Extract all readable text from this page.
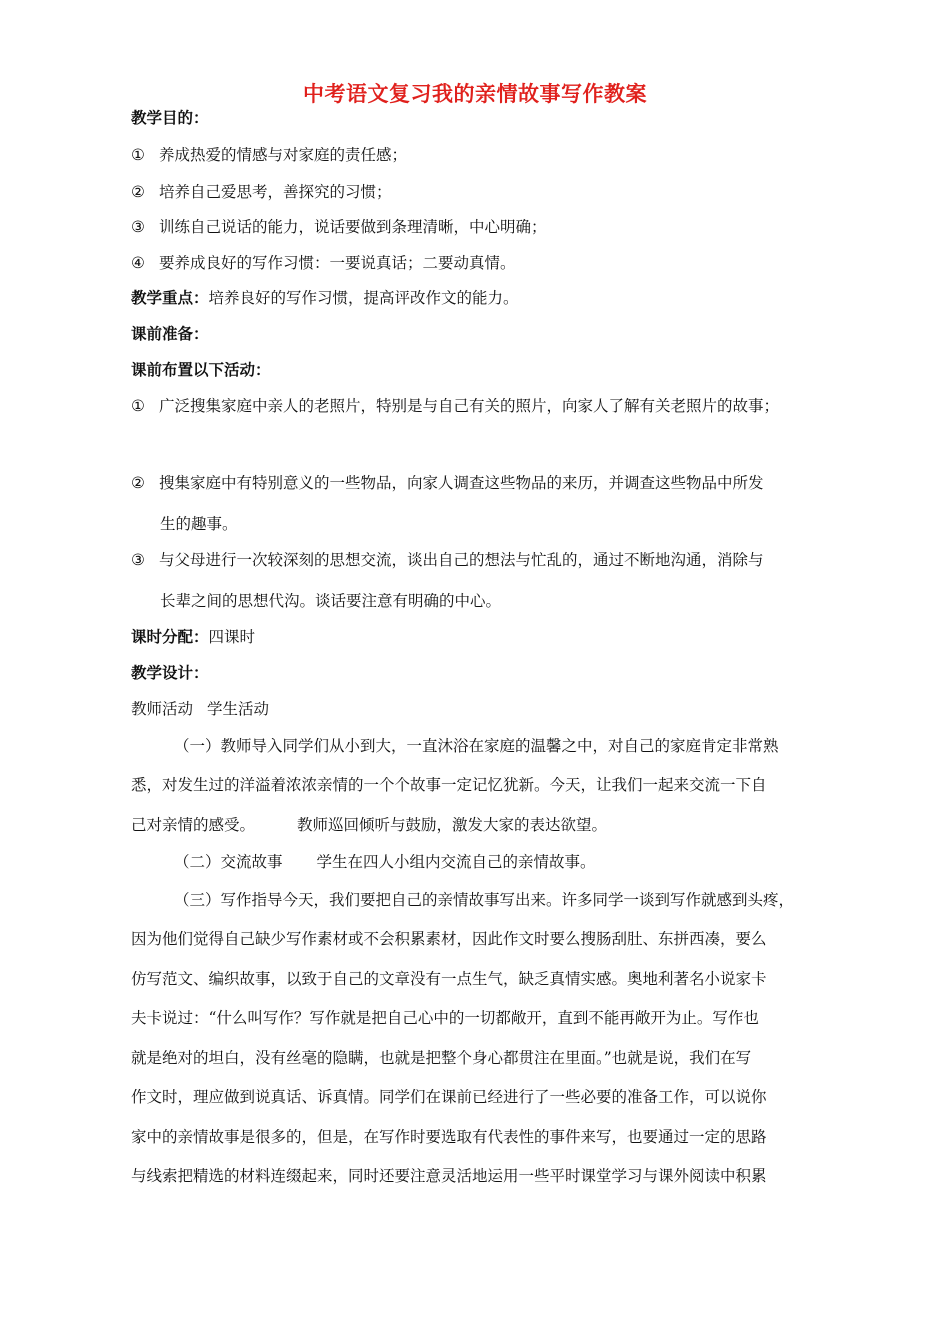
中考语文复习我的亲情故事写作教案
教学目的：
① 养成热爱的情感与对家庭的责任感；
② 培养自己爱思考，善探究的习惯；
③ 训练自己说话的能力，说话要做到条理清晰，中心明确；
④ 要养成良好的写作习惯：一要说真话；二要动真情。
教学重点：培养良好的写作习惯，提高评改作文的能力。
课前准备：
课前布置以下活动：
① 广泛搜集家庭中亲人的老照片，特别是与自己有关的照片，向家人了解有关老照片的故事；
② 搜集家庭中有特别意义的一些物品，向家人调查这些物品的来历，并调查这些物品中所发
生的趣事。
③ 与父母进行一次较深刻的思想交流，谈出自己的想法与忙乱的，通过不断地沟通，消除与
长辈之间的思想代沟。谈话要注意有明确的中心。
课时分配：四课时
教学设计：
教师活动 学生活动
（一）教师导入同学们从小到大，一直沐浴在家庭的温馨之中，对自己的家庭肯定非常熟
悉，对发生过的洋溢着浓浓亲情的一个个故事一定记忆犹新。今天，让我们一起来交流一下自
己对亲情的感受。	教师巡回倾听与鼓励，激发大家的表达欲望。
（二）交流故事 学生在四人小组内交流自己的亲情故事。
（三）写作指导今天，我们要把自己的亲情故事写出来。许多同学一谈到写作就感到头疼，
因为他们觉得自己缺少写作素材或不会积累素材，因此作文时要么搜肠刮肚、东拼西凑，要么
仿写范文、编织故事，以致于自己的文章没有一点生气，缺乏真情实感。奥地利著名小说家卡
夫卡说过：“什么叫写作？写作就是把自己心中的一切都敞开，直到不能再敞开为止。写作也
就是绝对的坦白，没有丝毫的隐瞒，也就是把整个身心都贯注在里面。”也就是说，我们在写
作文时，理应做到说真话、诉真情。同学们在课前已经进行了一些必要的准备工作，可以说你
家中的亲情故事是很多的，但是，在写作时要选取有代表性的事件来写，也要通过一定的思路
与线索把精选的材料连缀起来，同时还要注意灵活地运用一些平时课堂学习与课外阅读中积累
